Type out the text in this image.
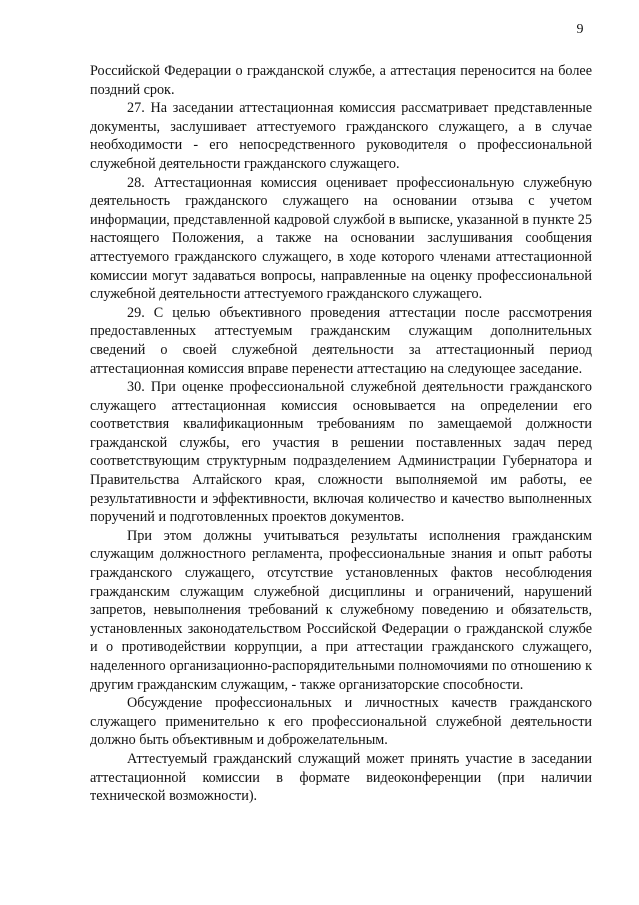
9

Российской Федерации о гражданской службе, а аттестация переносится на более поздний срок.

27. На заседании аттестационная комиссия рассматривает представленные документы, заслушивает аттестуемого гражданского служащего, а в случае необходимости - его непосредственного руководителя о профессиональной служебной деятельности гражданского служащего.

28. Аттестационная комиссия оценивает профессиональную служебную деятельность гражданского служащего на основании отзыва с учетом информации, представленной кадровой службой в выписке, указанной в пункте 25 настоящего Положения, а также на основании заслушивания сообщения аттестуемого гражданского служащего, в ходе которого членами аттестационной комиссии могут задаваться вопросы, направленные на оценку профессиональной служебной деятельности аттестуемого гражданского служащего.

29. С целью объективного проведения аттестации после рассмотрения предоставленных аттестуемым гражданским служащим дополнительных сведений о своей служебной деятельности за аттестационный период аттестационная комиссия вправе перенести аттестацию на следующее заседание.

30. При оценке профессиональной служебной деятельности гражданского служащего аттестационная комиссия основывается на определении его соответствия квалификационным требованиям по замещаемой должности гражданской службы, его участия в решении поставленных задач перед соответствующим структурным подразделением Администрации Губернатора и Правительства Алтайского края, сложности выполняемой им работы, ее результативности и эффективности, включая количество и качество выполненных поручений и подготовленных проектов документов.

При этом должны учитываться результаты исполнения гражданским служащим должностного регламента, профессиональные знания и опыт работы гражданского служащего, отсутствие установленных фактов несоблюдения гражданским служащим служебной дисциплины и ограничений, нарушений запретов, невыполнения требований к служебному поведению и обязательств, установленных законодательством Российской Федерации о гражданской службе и о противодействии коррупции, а при аттестации гражданского служащего, наделенного организационно-распорядительными полномочиями по отношению к другим гражданским служащим, - также организаторские способности.

Обсуждение профессиональных и личностных качеств гражданского служащего применительно к его профессиональной служебной деятельности должно быть объективным и доброжелательным.

Аттестуемый гражданский служащий может принять участие в заседании аттестационной комиссии в формате видеоконференции (при наличии технической возможности).
